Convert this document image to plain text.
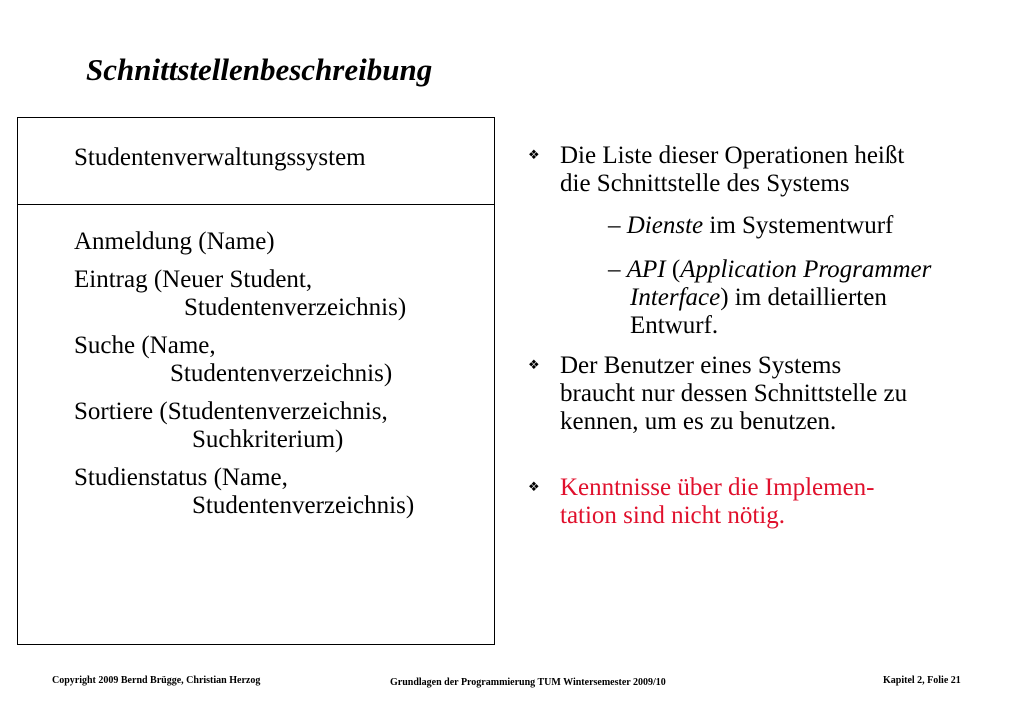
Schnittstellenbeschreibung
Studentenverwaltungssystem
Anmeldung (Name)
Eintrag (Neuer Student,
Studentenverzeichnis)
Suche (Name,
Studentenverzeichnis)
Sortiere (Studentenverzeichnis,
Suchkriterium)
Studienstatus (Name,
Studentenverzeichnis)
❖ Die Liste dieser Operationen heißt
die Schnittstelle des Systems
– Dienste im Systementwurf
– API (Application Programmer
Interface) im detaillierten
Entwurf.
❖ Der Benutzer eines Systems
braucht nur dessen Schnittstelle zu
kennen, um es zu benutzen.
❖ Kenntnisse über die Implemen-
tation sind nicht nötig.
Copyright 2009 Bernd Brügge, Christian Herzog	Grundlagen der Programmierung TUM Wintersemester 2009/10	Kapitel 2, Folie 21
